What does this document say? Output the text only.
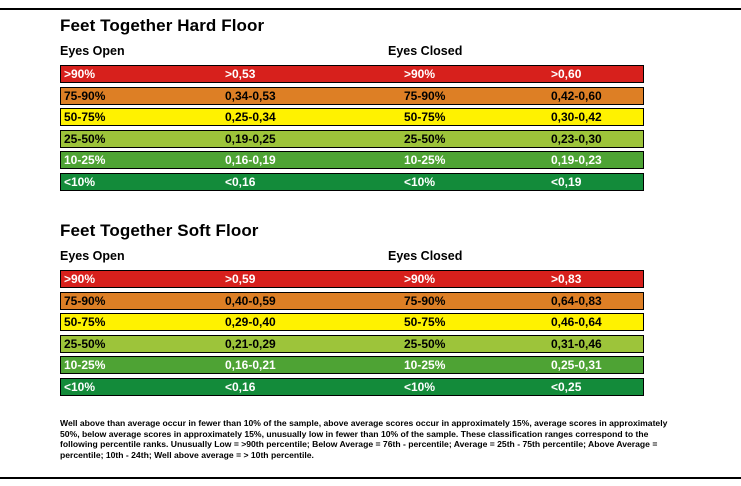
Feet Together Hard Floor
Eyes Open	Eyes Closed
>90%	>0,53	>90%	>0,60
75-90%	0,34-0,53	75-90%	0,42-0,60
50-75%	0,25-0,34	50-75%	0,30-0,42
25-50%	0,19-0,25	25-50%	0,23-0,30
10-25%	0,16-0,19	10-25%	0,19-0,23
<10%	<0,16	<10%	<0,19
Feet Together Soft Floor
Eyes Open	Eyes Closed
>90%	>0,59	>90%	>0,83
75-90%	0,40-0,59	75-90%	0,64-0,83
50-75%	0,29-0,40	50-75%	0,46-0,64
25-50%	0,21-0,29	25-50%	0,31-0,46
10-25%	0,16-0,21	10-25%	0,25-0,31
<10%	<0,16	<10%	<0,25

Well above than average occur in fewer than 10% of the sample, above average scores occur in approximately 15%, average scores in approximately 50%, below average scores in approximately 15%, unusually low in fewer than 10% of the sample. These classification ranges correspond to the following percentile ranks. Unusually Low = >90th percentile; Below Average = 76th - percentile; Average = 25th - 75th percentile; Above Average = percentile; 10th - 24th; Well above average = > 10th percentile.
